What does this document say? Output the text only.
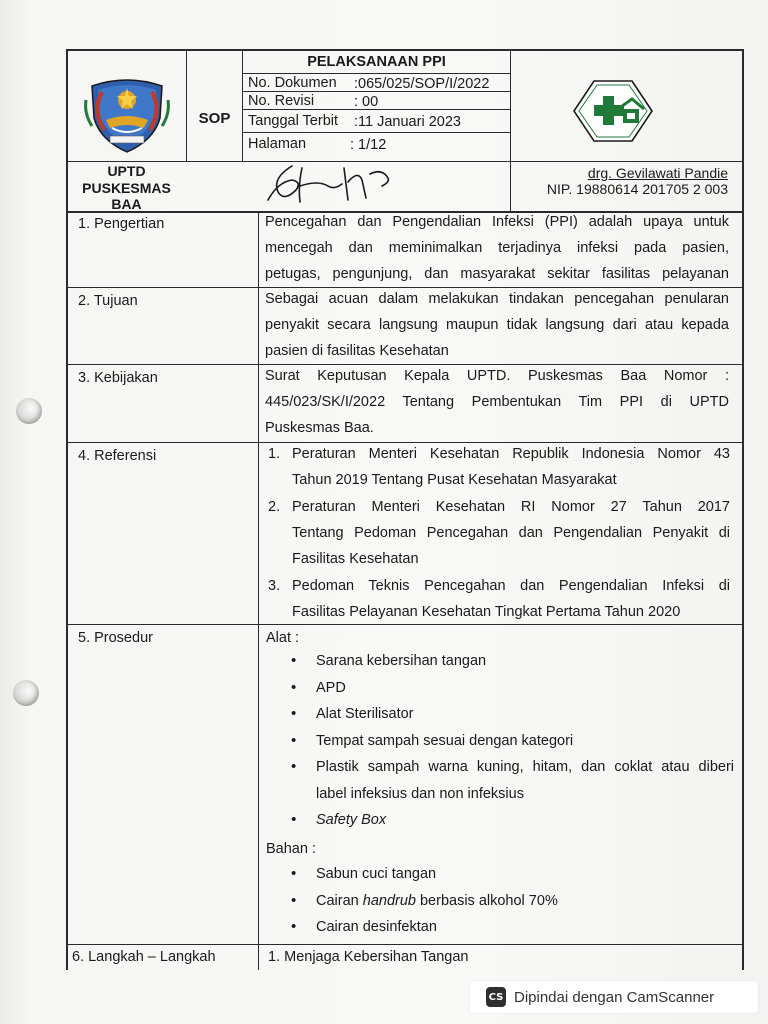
SOP
PELAKSANAAN PPI
No. Dokumen :065/025/SOP/I/2022
No. Revisi	: 00
Tanggal Terbit :11 Januari 2023
Halaman	: 1/12
UPTD
PUSKESMAS
BAA
drg. Gevilawati Pandie
NIP. 19880614 201705 2 003
1. Pengertian	Pencegahan dan Pengendalian Infeksi (PPI) adalah upaya untuk
mencegah dan meminimalkan terjadinya infeksi pada pasien,
petugas, pengunjung, dan masyarakat sekitar fasilitas pelayanan
2. Tujuan	Sebagai acuan dalam melakukan tindakan pencegahan penularan
penyakit secara langsung maupun tidak langsung dari atau kepada
pasien di fasilitas Kesehatan
3. Kebijakan	Surat Keputusan Kepala UPTD. Puskesmas Baa Nomor :
445/023/SK/I/2022 Tentang Pembentukan Tim PPI di UPTD
Puskesmas Baa.
4. Referensi	1. Peraturan Menteri Kesehatan Republik Indonesia Nomor 43
Tahun 2019 Tentang Pusat Kesehatan Masyarakat
2. Peraturan Menteri Kesehatan RI Nomor 27 Tahun 2017
Tentang Pedoman Pencegahan dan Pengendalian Penyakit di
Fasilitas Kesehatan
3. Pedoman Teknis Pencegahan dan Pengendalian Infeksi di
Fasilitas Pelayanan Kesehatan Tingkat Pertama Tahun 2020
5. Prosedur	Alat :
• Sarana kebersihan tangan
• APD
• Alat Sterilisator
• Tempat sampah sesuai dengan kategori
• Plastik sampah warna kuning, hitam, dan coklat atau diberi
label infeksius dan non infeksius
• Safety Box
Bahan :
• Sabun cuci tangan
• Cairan handrub berbasis alkohol 70%
• Cairan desinfektan
6. Langkah – Langkah	1. Menjaga Kebersihan Tangan
CS Dipindai dengan CamScanner
